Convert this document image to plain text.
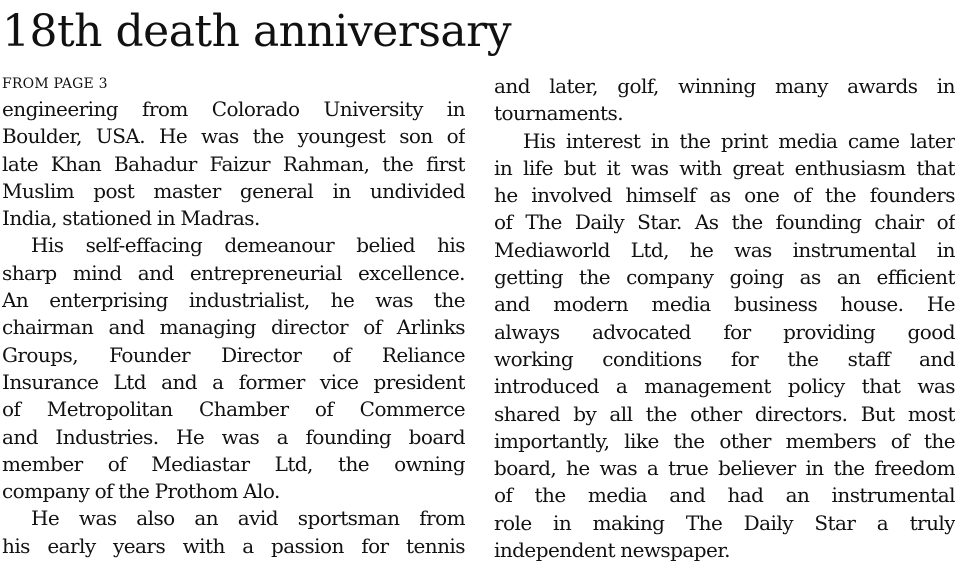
18th death anniversary
FROM PAGE 3
engineering from Colorado University in
Boulder, USA. He was the youngest son of
late Khan Bahadur Faizur Rahman, the first
Muslim post master general in undivided
India, stationed in Madras.
His self-effacing demeanour belied his
sharp mind and entrepreneurial excellence.
An enterprising industrialist, he was the
chairman and managing director of Arlinks
Groups, Founder Director of Reliance
Insurance Ltd and a former vice president
of Metropolitan Chamber of Commerce
and Industries. He was a founding board
member of Mediastar Ltd, the owning
company of the Prothom Alo.
He was also an avid sportsman from
his early years with a passion for tennis
and later, golf, winning many awards in
tournaments.
His interest in the print media came later
in life but it was with great enthusiasm that
he involved himself as one of the founders
of The Daily Star. As the founding chair of
Mediaworld Ltd, he was instrumental in
getting the company going as an efficient
and modern media business house. He
always advocated for providing good
working conditions for the staff and
introduced a management policy that was
shared by all the other directors. But most
importantly, like the other members of the
board, he was a true believer in the freedom
of the media and had an instrumental
role in making The Daily Star a truly
independent newspaper.
